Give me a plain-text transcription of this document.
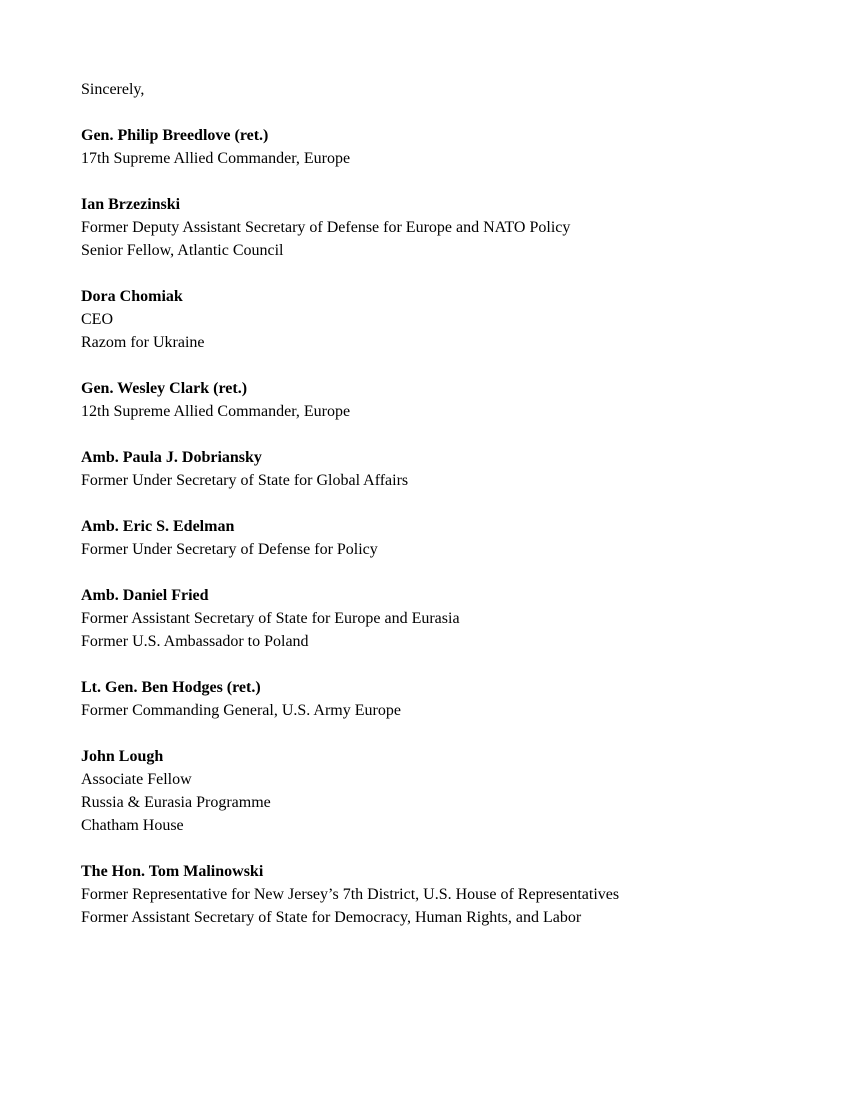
Sincerely,
Gen. Philip Breedlove (ret.)
17th Supreme Allied Commander, Europe
Ian Brzezinski
Former Deputy Assistant Secretary of Defense for Europe and NATO Policy
Senior Fellow, Atlantic Council
Dora Chomiak
CEO
Razom for Ukraine
Gen. Wesley Clark (ret.)
12th Supreme Allied Commander, Europe
Amb. Paula J. Dobriansky
Former Under Secretary of State for Global Affairs
Amb. Eric S. Edelman
Former Under Secretary of Defense for Policy
Amb. Daniel Fried
Former Assistant Secretary of State for Europe and Eurasia
Former U.S. Ambassador to Poland
Lt. Gen. Ben Hodges (ret.)
Former Commanding General, U.S. Army Europe
John Lough
Associate Fellow
Russia & Eurasia Programme
Chatham House
The Hon. Tom Malinowski
Former Representative for New Jersey’s 7th District, U.S. House of Representatives
Former Assistant Secretary of State for Democracy, Human Rights, and Labor
